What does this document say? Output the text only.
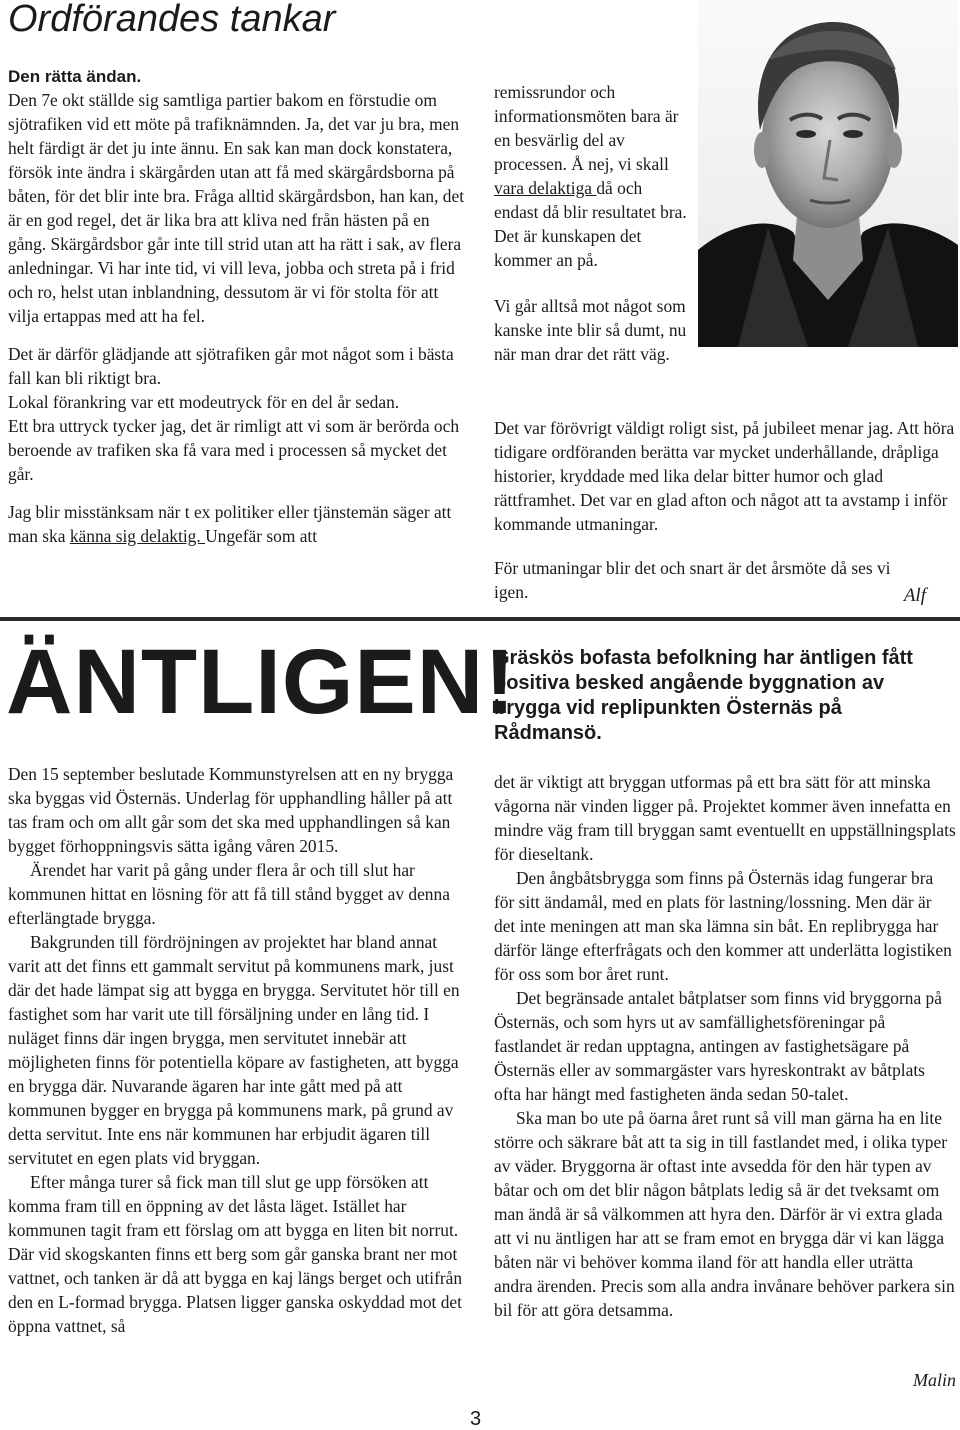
Ordförandes tankar

Den rätta ändan.

Den 7e okt ställde sig samtliga partier bakom en förstudie om sjötrafiken vid ett möte på trafiknämnden. Ja, det var ju bra, men helt färdigt är det ju inte ännu. En sak kan man dock konstatera, försök inte ändra i skärgården utan att få med skärgårdsborna på båten, för det blir inte bra. Fråga alltid skärgårdsbon, han kan, det är en god regel, det är lika bra att kliva ned från hästen på en gång. Skärgårdsbor går inte till strid utan att ha rätt i sak, av flera anledningar. Vi har inte tid, vi vill leva, jobba och streta på i frid och ro, helst utan inblandning, dessutom är vi för stolta för att vilja ertappas med att ha fel.

Det är därför glädjande att sjötrafiken går mot något som i bästa fall kan bli riktigt bra.

Lokal förankring var ett modeutryck för en del år sedan.

Ett bra uttryck tycker jag, det är rimligt att vi som är berörda och beroende av trafiken ska få vara med i processen så mycket det går.

Jag blir misstänksam när t ex politiker eller tjänstemän säger att man ska känna sig delaktig. Ungefär som att

remissrundor och informationsmöten bara är en besvärlig del av processen. Å nej, vi skall vara delaktiga då och endast då blir resultatet bra. Det är kunskapen det kommer an på.

Vi går alltså mot något som kanske inte blir så dumt, nu när man drar det rätt väg.

Det var förövrigt väldigt roligt sist, på jubileet menar jag. Att höra tidigare ordföranden berätta var mycket underhållande, dråpliga historier, kryddade med lika delar bitter humor och glad rättframhet. Det var en glad afton och något att ta avstamp i inför kommande utmaningar.

För utmaningar blir det och snart är det årsmöte då ses vi igen.	Alf
ÄNTLIGEN!
Gräskös bofasta befolkning har äntligen fått positiva besked angående byggnation av brygga vid replipunkten Östernäs på Rådmansö.

Den 15 september beslutade Kommunstyrelsen att en ny brygga ska byggas vid Östernäs. Underlag för upphandling håller på att tas fram och om allt går som det ska med upphandlingen så kan bygget förhoppningsvis sätta igång våren 2015.

Ärendet har varit på gång under flera år och till slut har kommunen hittat en lösning för att få till stånd bygget av denna efterlängtade brygga.

Bakgrunden till fördröjningen av projektet har bland annat varit att det finns ett gammalt servitut på kommunens mark, just där det hade lämpat sig att bygga en brygga. Servitutet hör till en fastighet som har varit ute till försäljning under en lång tid. I nuläget finns där ingen brygga, men servitutet innebär att möjligheten finns för potentiella köpare av fastigheten, att bygga en brygga där. Nuvarande ägaren har inte gått med på att kommunen bygger en brygga på kommunens mark, på grund av detta servitut. Inte ens när kommunen har erbjudit ägaren till servitutet en egen plats vid bryggan.

Efter många turer så fick man till slut ge upp försöken att komma fram till en öppning av det låsta läget. Istället har kommunen tagit fram ett förslag om att bygga en liten bit norrut. Där vid skogskanten finns ett berg som går ganska brant ner mot vattnet, och tanken är då att bygga en kaj längs berget och utifrån den en L-formad brygga. Platsen ligger ganska oskyddad mot det öppna vattnet, så

det är viktigt att bryggan utformas på ett bra sätt för att minska vågorna när vinden ligger på. Projektet kommer även innefatta en mindre väg fram till bryggan samt eventuellt en uppställningsplats för dieseltank.

Den ångbåtsbrygga som finns på Östernäs idag fungerar bra för sitt ändamål, med en plats för lastning/lossning. Men där är det inte meningen att man ska lämna sin båt. En replibrygga har därför länge efterfrågats och den kommer att underlätta logistiken för oss som bor året runt.

Det begränsade antalet båtplatser som finns vid bryggorna på Östernäs, och som hyrs ut av samfällighetsföreningar på fastlandet är redan upptagna, antingen av fastighetsägare på Östernäs eller av sommargäster vars hyreskontrakt av båtplats ofta har hängt med fastigheten ända sedan 50-talet.

Ska man bo ute på öarna året runt så vill man gärna ha en lite större och säkrare båt att ta sig in till fastlandet med, i olika typer av väder. Bryggorna är oftast inte avsedda för den här typen av båtar och om det blir någon båtplats ledig så är det tveksamt om man ändå är så välkommen att hyra den. Därför är vi extra glada att vi nu äntligen har att se fram emot en brygga där vi kan lägga båten när vi behöver komma iland för att handla eller uträtta andra ärenden. Precis som alla andra invånare behöver parkera sin bil för att göra detsamma.

Malin
3
